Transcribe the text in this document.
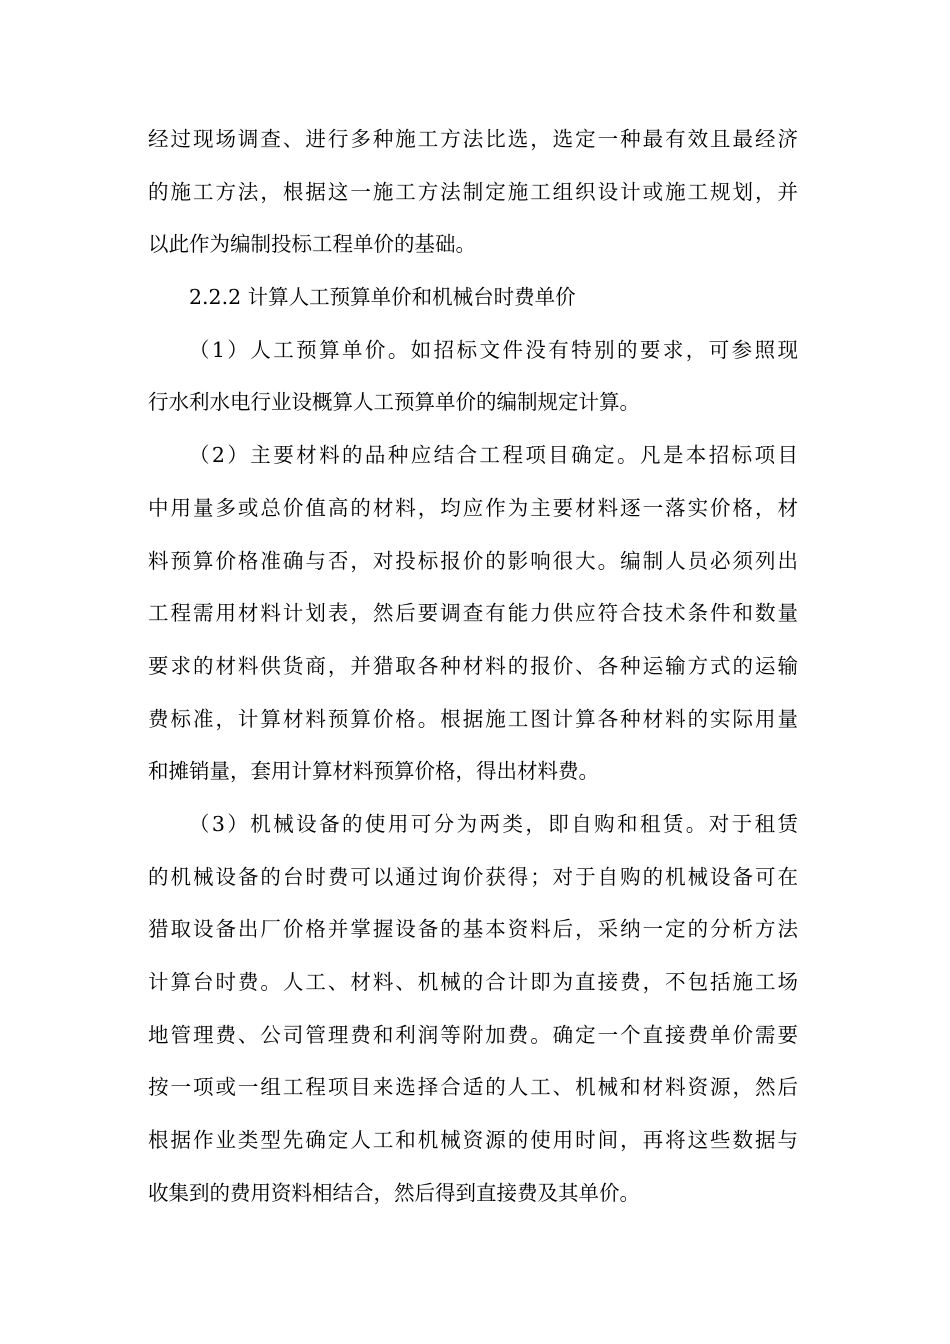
经过现场调查、进行多种施工方法比选，选定一种最有效且最经济
的施工方法，根据这一施工方法制定施工组织设计或施工规划，并
以此作为编制投标工程单价的基础。
2.2.2 计算人工预算单价和机械台时费单价
（1）人工预算单价。如招标文件没有特别的要求，可参照现
行水利水电行业设概算人工预算单价的编制规定计算。
（2）主要材料的品种应结合工程项目确定。凡是本招标项目
中用量多或总价值高的材料，均应作为主要材料逐一落实价格，材
料预算价格准确与否，对投标报价的影响很大。编制人员必须列出
工程需用材料计划表，然后要调查有能力供应符合技术条件和数量
要求的材料供货商，并猎取各种材料的报价、各种运输方式的运输
费标准，计算材料预算价格。根据施工图计算各种材料的实际用量
和摊销量，套用计算材料预算价格，得出材料费。
（3）机械设备的使用可分为两类，即自购和租赁。对于租赁
的机械设备的台时费可以通过询价获得；对于自购的机械设备可在
猎取设备出厂价格并掌握设备的基本资料后，采纳一定的分析方法
计算台时费。人工、材料、机械的合计即为直接费，不包括施工场
地管理费、公司管理费和利润等附加费。确定一个直接费单价需要
按一项或一组工程项目来选择合适的人工、机械和材料资源，然后
根据作业类型先确定人工和机械资源的使用时间，再将这些数据与
收集到的费用资料相结合，然后得到直接费及其单价。
